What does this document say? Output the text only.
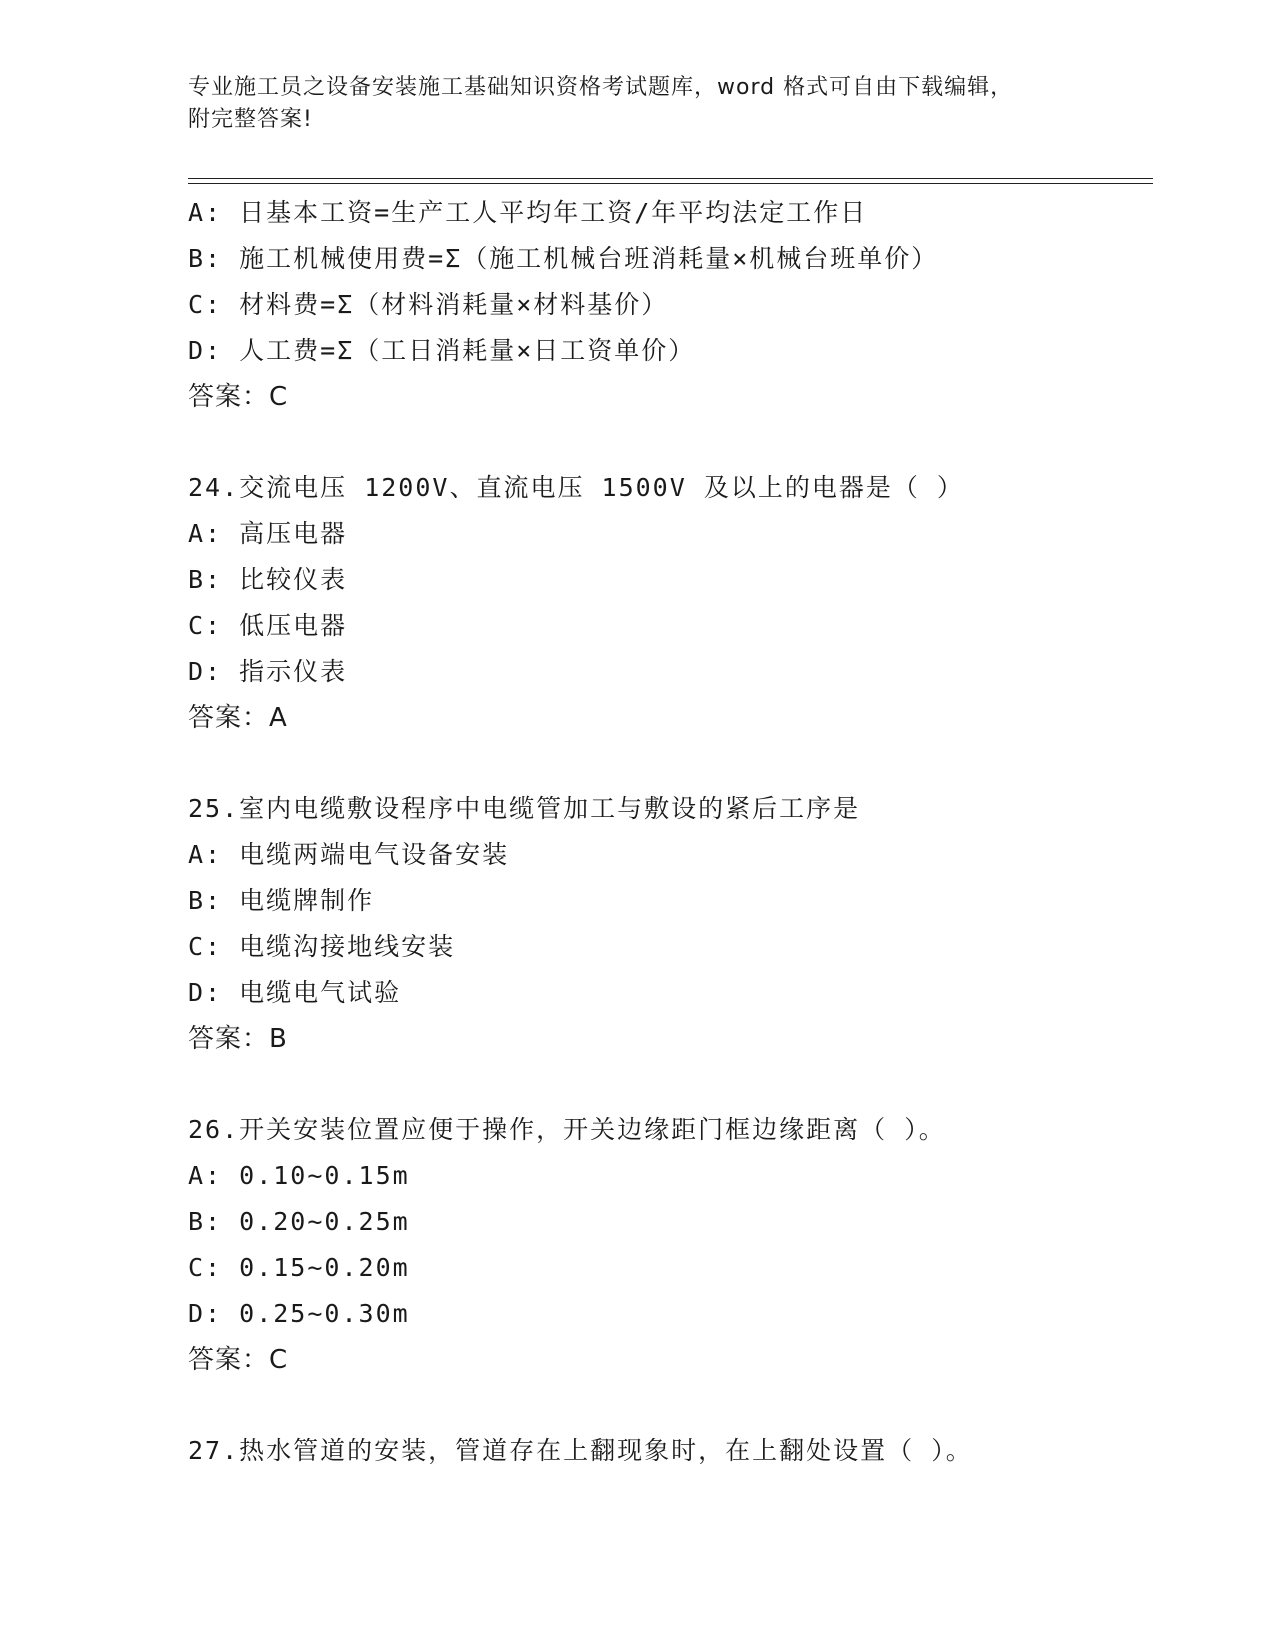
专业施工员之设备安装施工基础知识资格考试题库，word 格式可自由下载编辑，
附完整答案!
A: 日基本工资=生产工人平均年工资/年平均法定工作日
B: 施工机械使用费=Σ（施工机械台班消耗量×机械台班单价）
C: 材料费=Σ（材料消耗量×材料基价）
D: 人工费=Σ（工日消耗量×日工资单价）
答案：C
24.交流电压 1200V、直流电压 1500V 及以上的电器是（ ）
A: 高压电器
B: 比较仪表
C: 低压电器
D: 指示仪表
答案：A
25.室内电缆敷设程序中电缆管加工与敷设的紧后工序是
A: 电缆两端电气设备安装
B: 电缆牌制作
C: 电缆沟接地线安装
D: 电缆电气试验
答案：B
26.开关安装位置应便于操作，开关边缘距门框边缘距离（ ）。
A: 0.10~0.15m
B: 0.20~0.25m
C: 0.15~0.20m
D: 0.25~0.30m
答案：C
27.热水管道的安装，管道存在上翻现象时，在上翻处设置（ ）。
